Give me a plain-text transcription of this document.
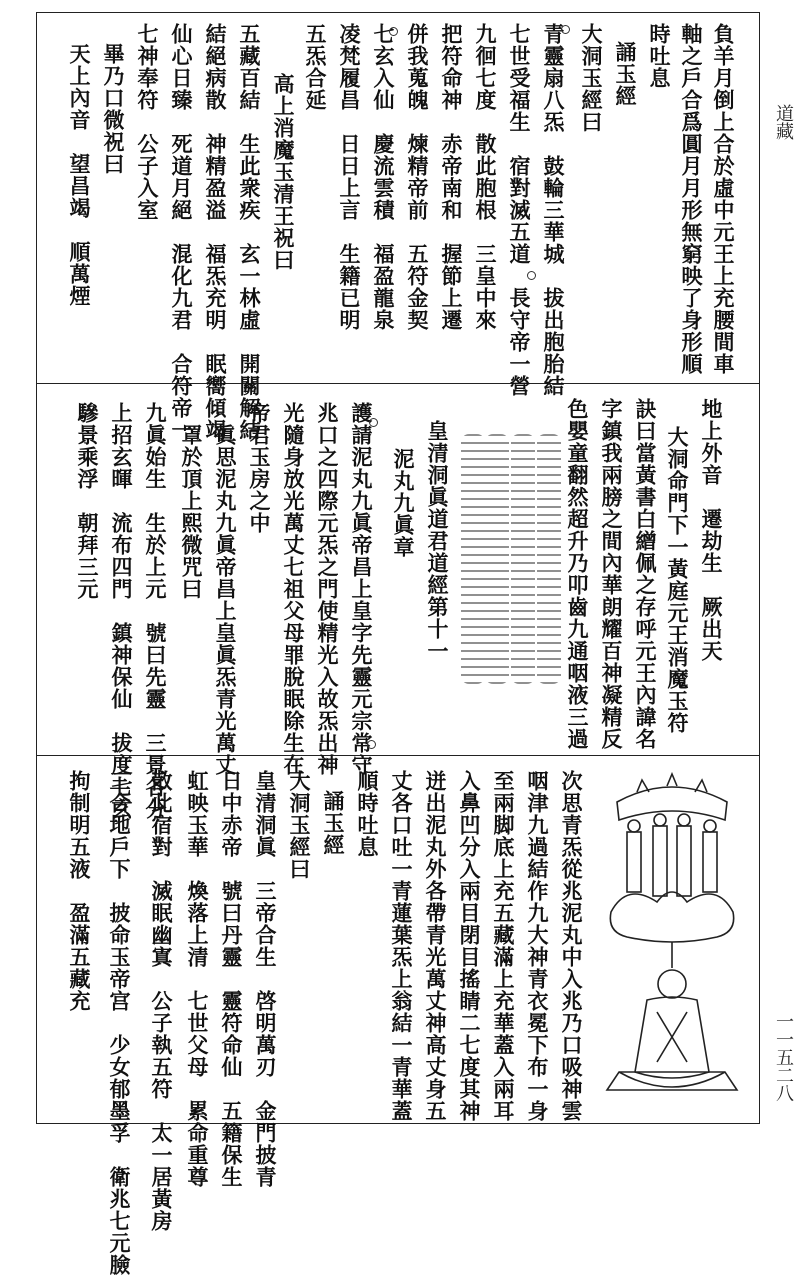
負羊月倒上合於虛中元王上充腰間車
軸之戶合爲圓月月形無窮映了身形順
時吐息
誦玉經
大洞玉經曰
青靈扇八炁　鼓輪三華城　拔出胞胎結
七世受福生　宿對滅五道　長守帝一營
九徊七度　散此胞根　三皇中來
把符命神　赤帝南和　握節上遷
併我蒐魄　煉精帝前　五符金契
七玄入仙　慶流雲積　福盈龍泉
凌梵履昌　日日上言　生籍已明
五炁合延
高上消魔玉清王祝曰
五藏百結　生此衆疾　玄一林虛　開關解結
結絕病散　神精盈溢　福炁充明　眠嚮傾竭
仙心日臻　死道月絕　混化九君　合符帝一
七神奉符　公子入室
畢乃口微祝曰
天上內音　望昌竭　順萬煙
地上外音　遷劫生　厥出天
大洞命門下一黃庭元王消魔玉符
訣曰當黃書白繒佩之存呼元王內諱名
字鎮我兩膀之間內華朗耀百神凝精反
色嬰童翻然超升乃叩齒九通咽液三過
皇清洞眞道君道經第十一
泥丸九眞章
護請泥丸九眞帝昌上皇字先靈元宗常守
兆口之四際元炁之門使精光入故炁出神
光隨身放光萬丈七祖父母罪脫眠除生在
帝君玉房之中
眞思泥丸九眞帝昌上皇眞炁青光萬丈
罩於頂上熙微咒曰
九眞始生　生於上元　號曰先靈　三景各分
上招玄暉　流布四門　鎮神保仙　拔度七玄
驂景乘浮　朝拜三元
次思青炁從兆泥丸中入兆乃口吸神雲
咽津九過結作九大神青衣冕下布一身
至兩脚底上充五藏滿上充華蓋入兩耳
入鼻凹分入兩目閉目搖睛二七度其神
迸出泥丸外各帶青光萬丈神高丈身五
丈各口吐一青蓮葉炁上翁結一青華蓋
順時吐息
誦玉經
大洞玉經曰
皇清洞眞　三帝合生　啓明萬刃　金門披青
日中赤帝　號曰丹靈　靈符命仙　五籍保生
虹映玉華　煥落上清　七世父母　累命重尊
散此宿對　滅眠幽寘　公子執五符　太一居黃房
三合地戶下　披命玉帝宫　少女郁墨孚　衛兆七元臉
拘制明五液　盈滿五藏充
道藏
一一五二八
